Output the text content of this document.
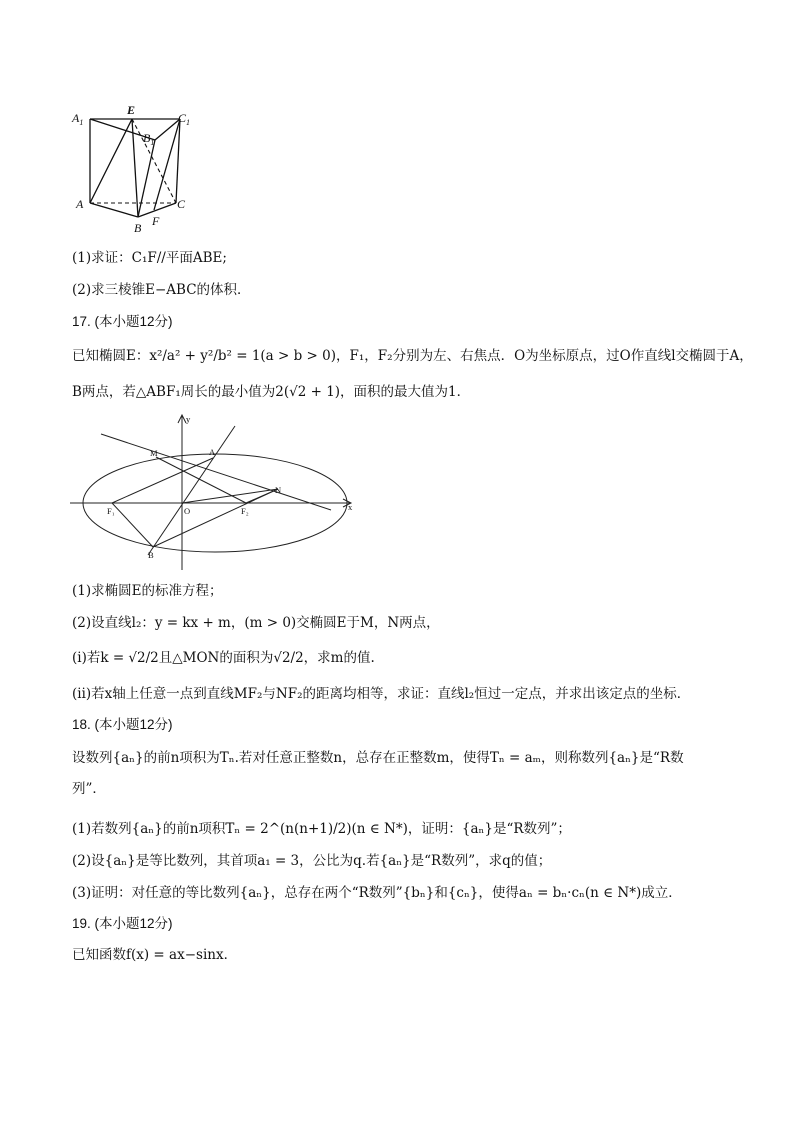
$A_1$
E
$C_1$
$B_1$
A
B
C
F
(1)求证：C₁F//平面ABE;
(2)求三棱锥E−ABC的体积．
17. (本小题12分)
已知椭圆E：x²/a² + y²/b² = 1(a > b > 0)，F₁，F₂分别为左、右焦点．O为坐标原点，过O作直线l交椭圆于A，
B两点，若△ABF₁周长的最小值为2(√2 + 1)，面积的最大值为1．
y
x
M	A
N
F₁	O	F₂
B
(1)求椭圆E的标准方程；
(2)设直线l₂：y = kx + m，(m > 0)交椭圆E于M，N两点，
(ⅰ)若k = √2/2且△MON的面积为√2/2，求m的值.
(ⅱ)若x轴上任意一点到直线MF₂与NF₂的距离均相等，求证：直线l₂恒过一定点，并求出该定点的坐标．
18. (本小题12分)
设数列{aₙ}的前n项积为Tₙ.若对任意正整数n，总存在正整数m，使得Tₙ = aₘ，则称数列{aₙ}是“R数
列”．
(1)若数列{aₙ}的前n项积Tₙ = 2^(n(n+1)/2)(n ∈ N*)，证明：{aₙ}是“R数列”；
(2)设{aₙ}是等比数列，其首项a₁ = 3，公比为q.若{aₙ}是“R数列”，求q的值；
(3)证明：对任意的等比数列{aₙ}，总存在两个“R数列”{bₙ}和{cₙ}，使得aₙ = bₙ·cₙ(n ∈ N*)成立．
19. (本小题12分)
已知函数f(x) = ax−sinx．
